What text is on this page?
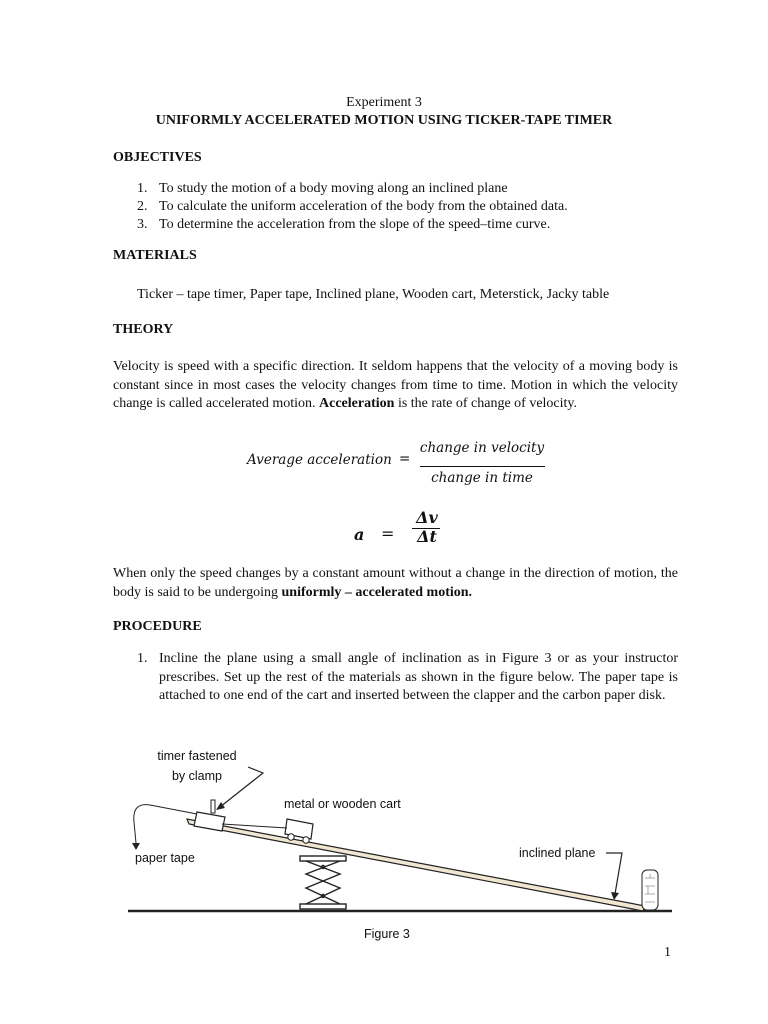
Experiment 3
UNIFORMLY ACCELERATED MOTION USING TICKER-TAPE TIMER
OBJECTIVES
1. To study the motion of a body moving along an inclined plane
2. To calculate the uniform acceleration of the body from the obtained data.
3. To determine the acceleration from the slope of the speed–time curve.
MATERIALS
Ticker – tape timer, Paper tape, Inclined plane, Wooden cart, Meterstick, Jacky table
THEORY
Velocity is speed with a specific direction. It seldom happens that the velocity of a moving body is constant since in most cases the velocity changes from time to time. Motion in which the velocity change is called accelerated motion. Acceleration is the rate of change of velocity.
Average acceleration =
change in velocity
change in time
a =
Δv
Δt
When only the speed changes by a constant amount without a change in the direction of motion, the body is said to be undergoing uniformly – accelerated motion.
PROCEDURE
1. Incline the plane using a small angle of inclination as in Figure 3 or as your instructor prescribes. Set up the rest of the materials as shown in the figure below. The paper tape is attached to one end of the cart and inserted between the clapper and the carbon paper disk.
timer fastened
by clamp
metal or wooden cart
paper tape	inclined plane
Figure 3
1
